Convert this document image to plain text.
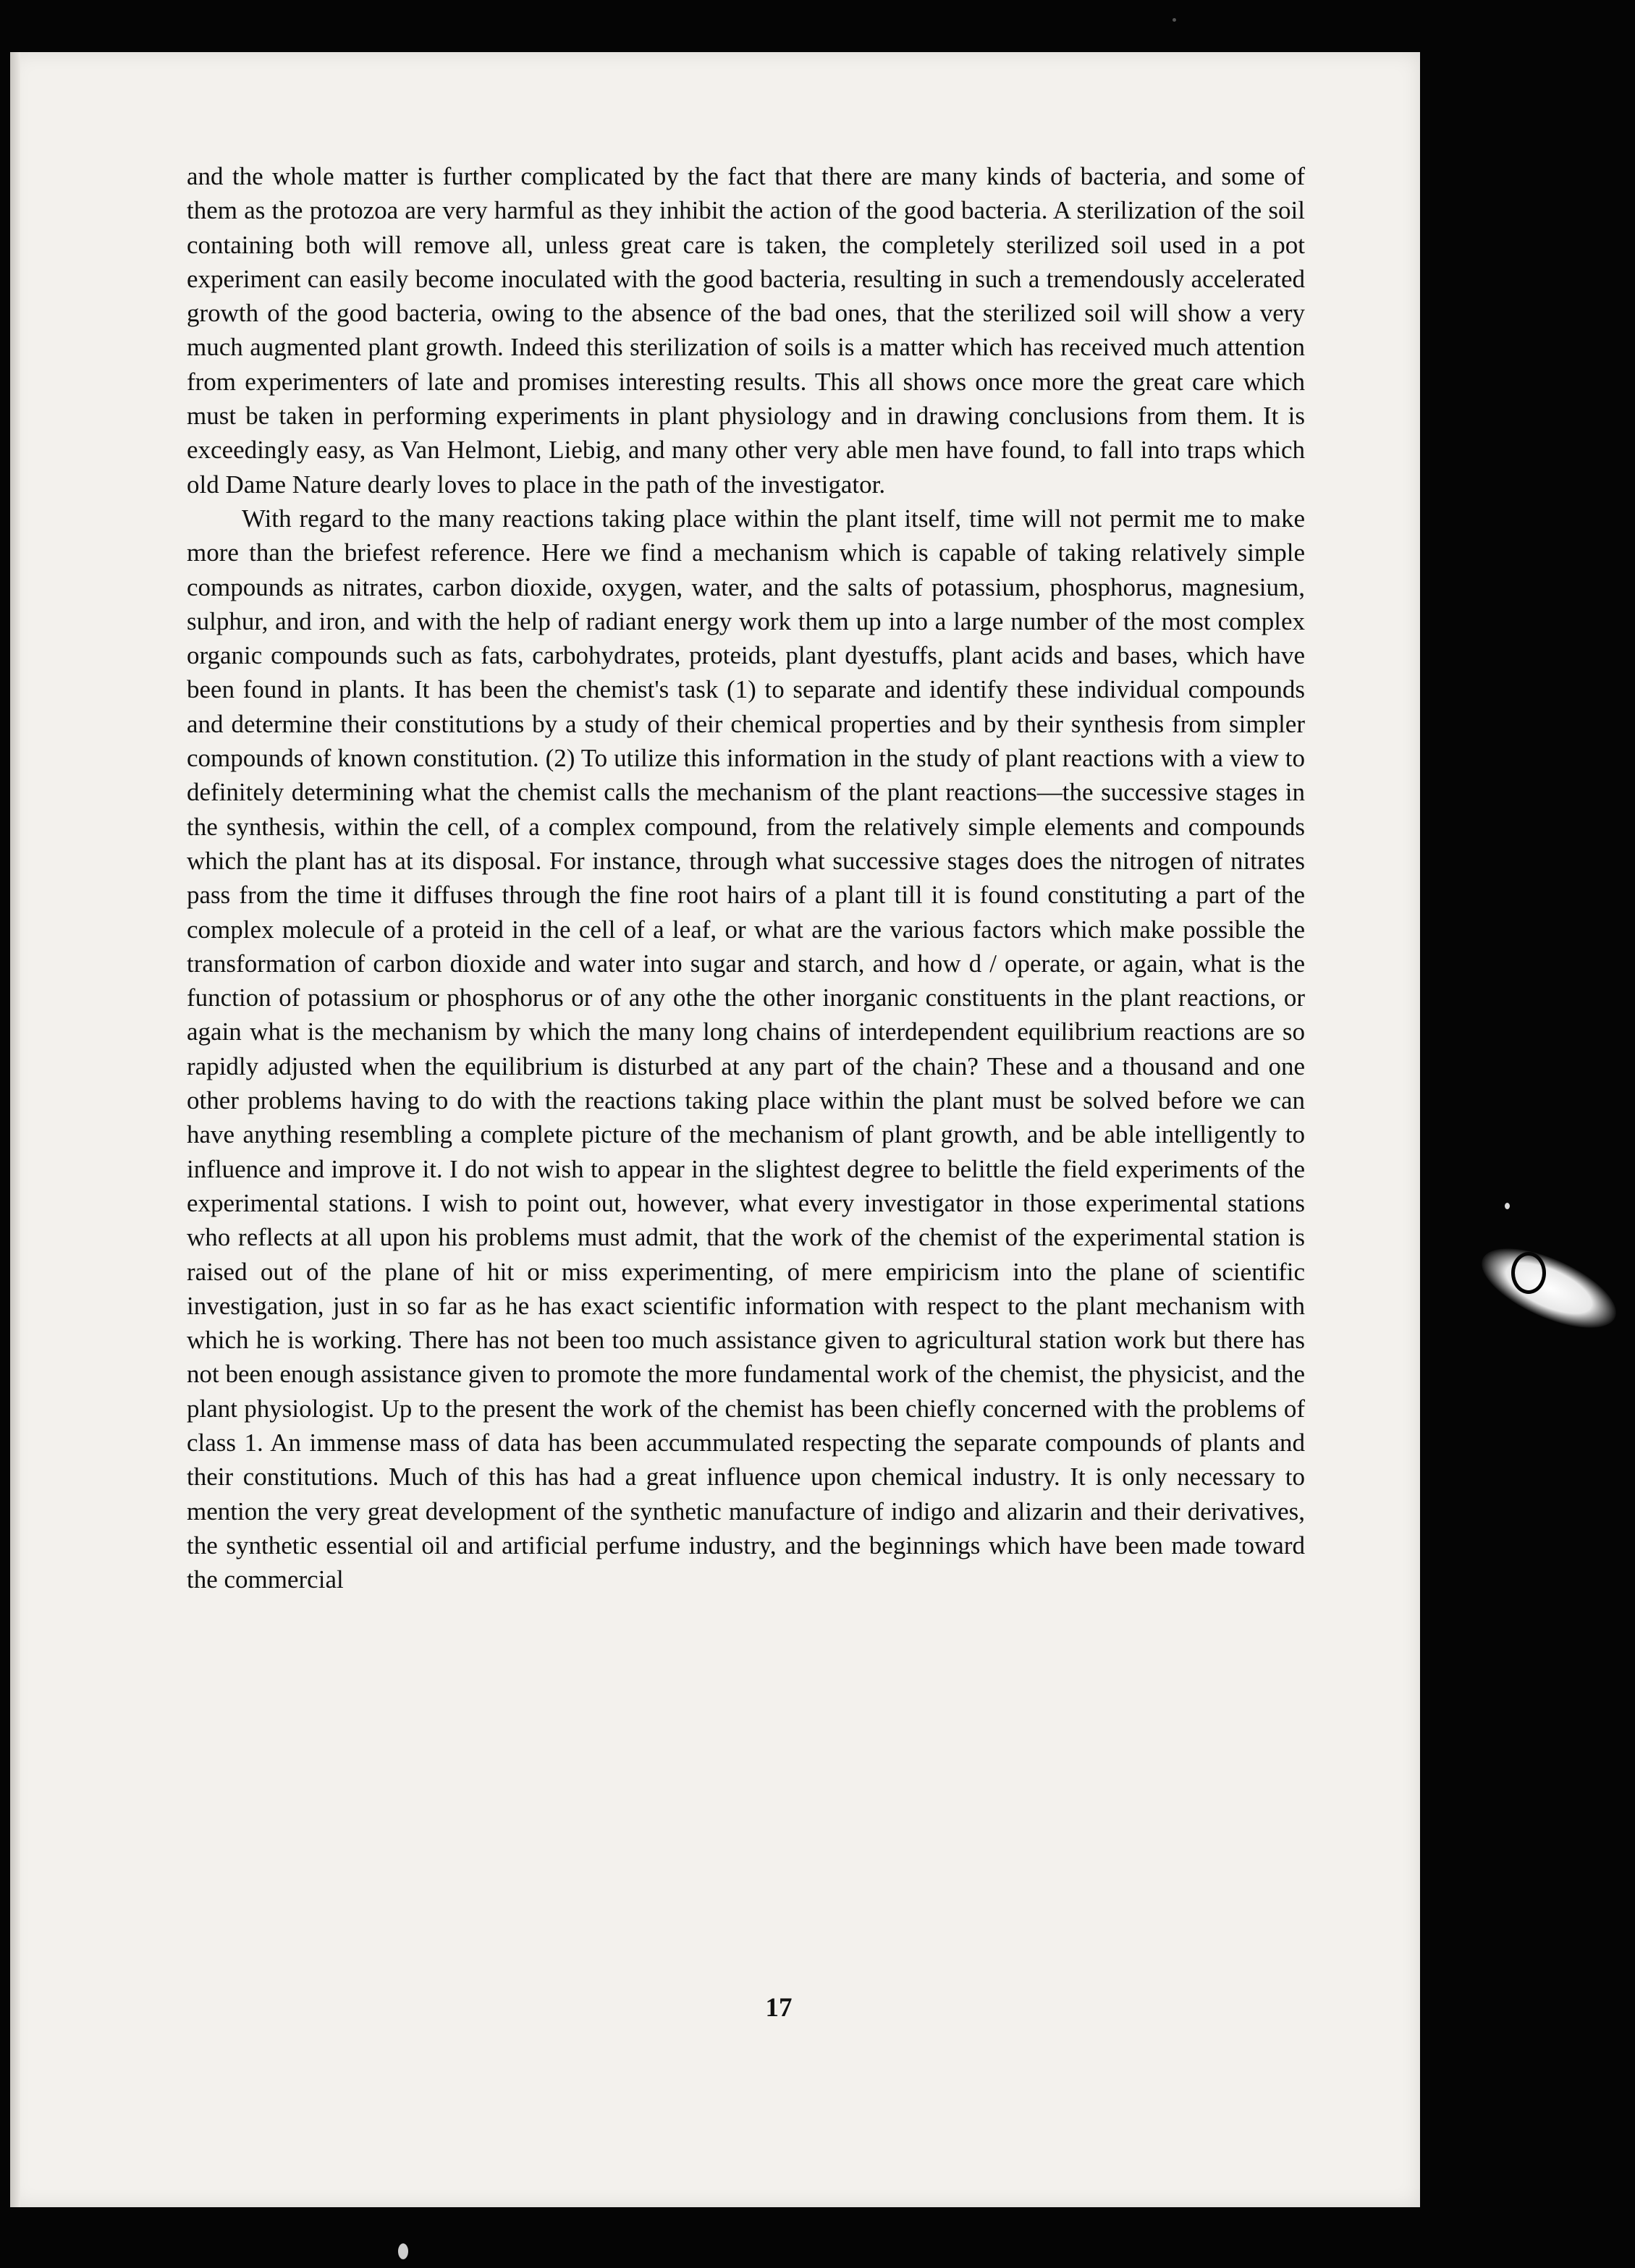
and the whole matter is further complicated by the fact that there are many kinds of bacteria, and some of them as the protozoa are very harmful as they inhibit the action of the good bacteria. A sterilization of the soil containing both will remove all, unless great care is taken, the completely sterilized soil used in a pot experiment can easily become inoculated with the good bacteria, resulting in such a tremendously accelerated growth of the good bacteria, owing to the absence of the bad ones, that the sterilized soil will show a very much augmented plant growth. Indeed this sterilization of soils is a matter which has received much attention from experimenters of late and promises interesting results. This all shows once more the great care which must be taken in performing experiments in plant physiology and in drawing conclusions from them. It is exceedingly easy, as Van Helmont, Liebig, and many other very able men have found, to fall into traps which old Dame Nature dearly loves to place in the path of the investigator.

With regard to the many reactions taking place within the plant itself, time will not permit me to make more than the briefest reference. Here we find a mechanism which is capable of taking relatively simple compounds as nitrates, carbon dioxide, oxygen, water, and the salts of potassium, phosphorus, magnesium, sulphur, and iron, and with the help of radiant energy work them up into a large number of the most complex organic compounds such as fats, carbohydrates, proteids, plant dyestuffs, plant acids and bases, which have been found in plants. It has been the chemist's task (1) to separate and identify these individual compounds and determine their constitutions by a study of their chemical properties and by their synthesis from simpler compounds of known constitution. (2) To utilize this information in the study of plant reactions with a view to definitely determining what the chemist calls the mechanism of the plant reactions—the successive stages in the synthesis, within the cell, of a complex compound, from the relatively simple elements and compounds which the plant has at its disposal. For instance, through what successive stages does the nitrogen of nitrates pass from the time it diffuses through the fine root hairs of a plant till it is found constituting a part of the complex molecule of a proteid in the cell of a leaf, or what are the various factors which make possible the transformation of carbon dioxide and water into sugar and starch, and how d / operate, or again, what is the function of potassium or phosphorus or of any othe the other inorganic constituents in the plant reactions, or again what is the mechanism by which the many long chains of interdependent equilibrium reactions are so rapidly adjusted when the equilibrium is disturbed at any part of the chain? These and a thousand and one other problems having to do with the reactions taking place within the plant must be solved before we can have anything resembling a complete picture of the mechanism of plant growth, and be able intelligently to influence and improve it. I do not wish to appear in the slightest degree to belittle the field experiments of the experimental stations. I wish to point out, however, what every investigator in those experimental stations who reflects at all upon his problems must admit, that the work of the chemist of the experimental station is raised out of the plane of hit or miss experimenting, of mere empiricism into the plane of scientific investigation, just in so far as he has exact scientific information with respect to the plant mechanism with which he is working. There has not been too much assistance given to agricultural station work but there has not been enough assistance given to promote the more fundamental work of the chemist, the physicist, and the plant physiologist. Up to the present the work of the chemist has been chiefly concerned with the problems of class 1. An immense mass of data has been accummulated respecting the separate compounds of plants and their constitutions. Much of this has had a great influence upon chemical industry. It is only necessary to mention the very great development of the synthetic manufacture of indigo and alizarin and their derivatives, the synthetic essential oil and artificial perfume industry, and the beginnings which have been made toward the commercial

17
